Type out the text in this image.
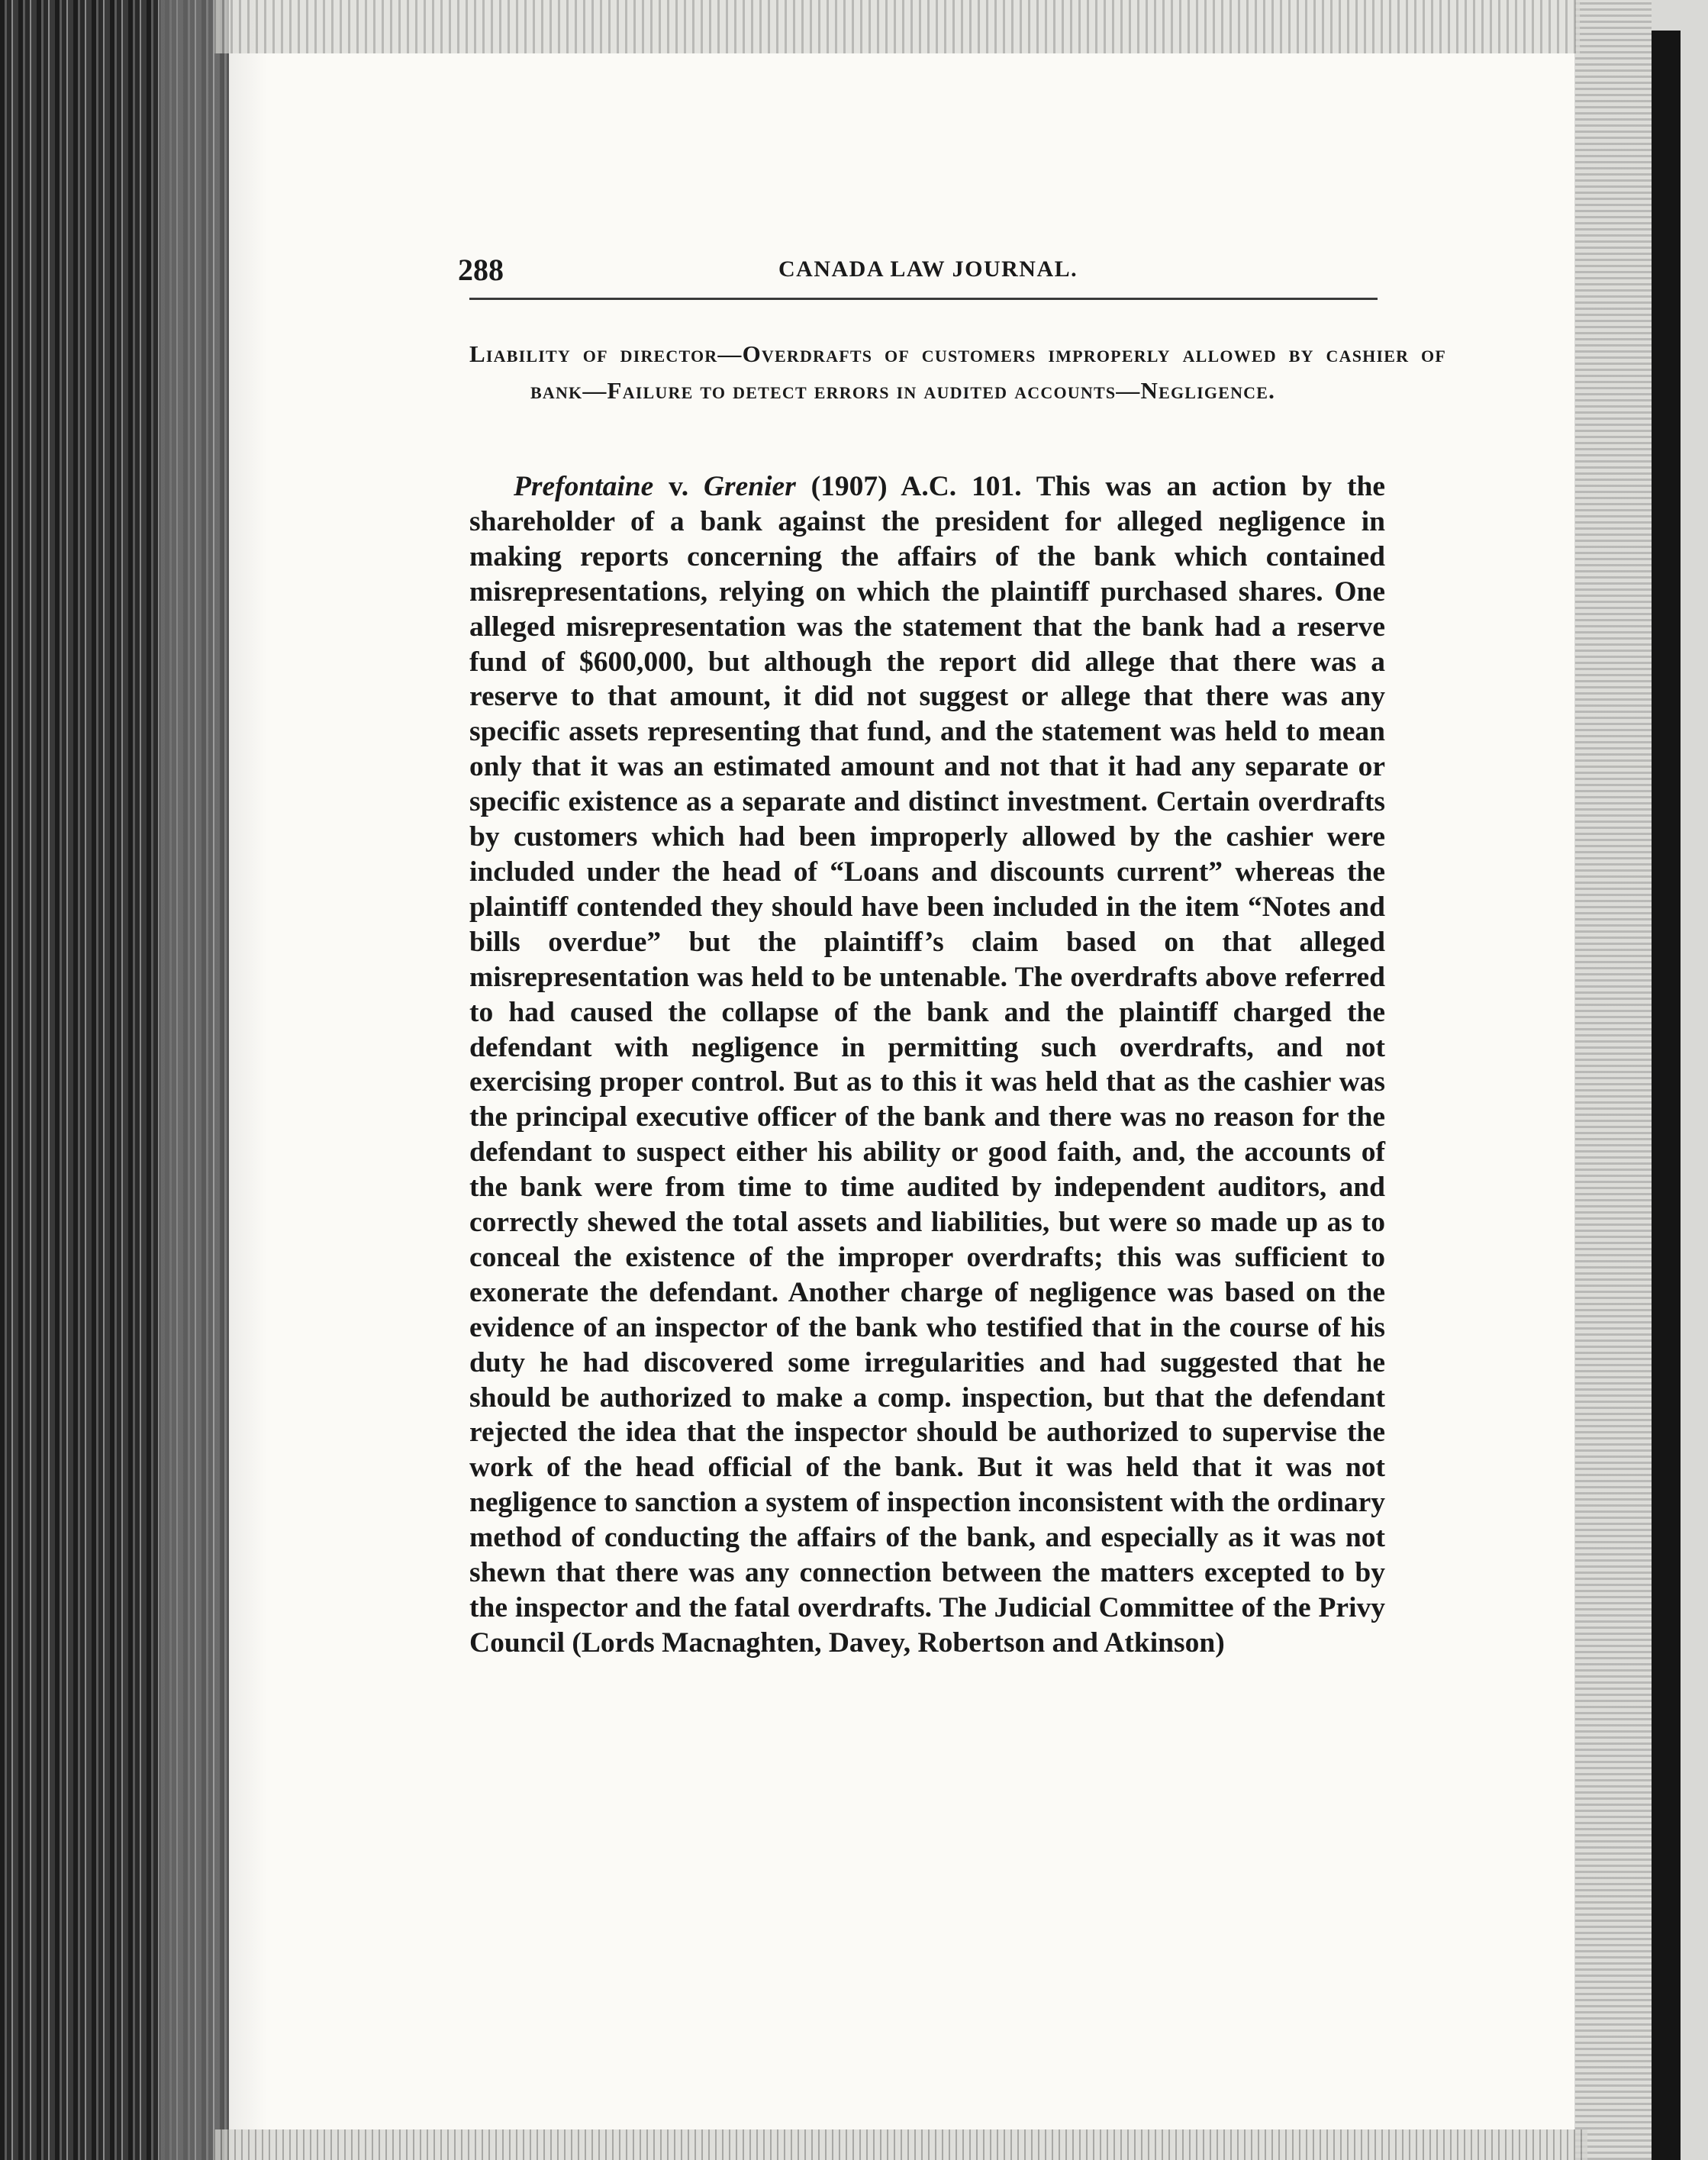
288	CANADA LAW JOURNAL.
Liability of director—Overdrafts of customers improperly allowed by cashier of bank—Failure to detect errors in audited accounts—Negligence.

Prefontaine v. Grenier (1907) A.C. 101. This was an action by the shareholder of a bank against the president for alleged negligence in making reports concerning the affairs of the bank which contained misrepresentations, relying on which the plaintiff purchased shares. One alleged misrepresentation was the statement that the bank had a reserve fund of $600,000, but although the report did allege that there was a reserve to that amount, it did not suggest or allege that there was any specific assets representing that fund, and the statement was held to mean only that it was an estimated amount and not that it had any separate or specific existence as a separate and distinct investment. Certain overdrafts by customers which had been improperly allowed by the cashier were included under the head of “Loans and discounts current” whereas the plaintiff contended they should have been included in the item “Notes and bills overdue” but the plaintiff’s claim based on that alleged misrepresentation was held to be untenable. The overdrafts above referred to had caused the collapse of the bank and the plaintiff charged the defendant with negligence in permitting such overdrafts, and not exercising proper control. But as to this it was held that as the cashier was the principal executive officer of the bank and there was no reason for the defendant to suspect either his ability or good faith, and, the accounts of the bank were from time to time audited by independent auditors, and correctly shewed the total assets and liabilities, but were so made up as to conceal the existence of the improper overdrafts; this was sufficient to exonerate the defendant. Another charge of negligence was based on the evidence of an inspector of the bank who testified that in the course of his duty he had discovered some irregularities and had suggested that he should be authorized to make a comp. inspection, but that the defendant rejected the idea that the inspector should be authorized to supervise the work of the head official of the bank. But it was held that it was not negligence to sanction a system of inspection inconsistent with the ordinary method of conducting the affairs of the bank, and especially as it was not shewn that there was any connection between the matters excepted to by the inspector and the fatal overdrafts. The Judicial Committee of the Privy Council (Lords Macnaghten, Davey, Robertson and Atkinson)
